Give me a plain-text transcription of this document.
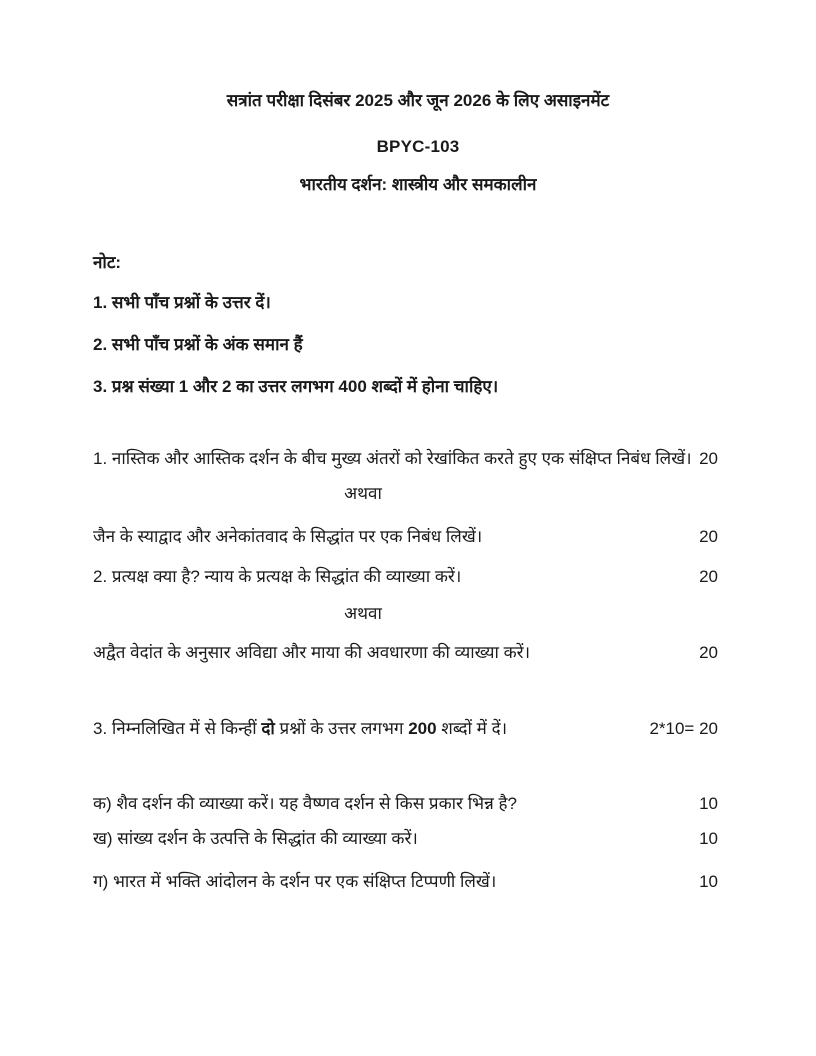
सत्रांत परीक्षा दिसंबर 2025 और जून 2026 के लिए असाइनमेंट

BPYC-103

भारतीय दर्शन: शास्त्रीय और समकालीन

नोट:

1. सभी पाँच प्रश्नों के उत्तर दें।

2. सभी पाँच प्रश्नों के अंक समान हैं

3. प्रश्न संख्या 1 और 2 का उत्तर लगभग 400 शब्दों में होना चाहिए।

1. नास्तिक और आस्तिक दर्शन के बीच मुख्य अंतरों को रेखांकित करते हुए एक संक्षिप्त निबंध लिखें। 20

अथवा

जैन के स्याद्वाद और अनेकांतवाद के सिद्धांत पर एक निबंध लिखें।	20

2. प्रत्यक्ष क्या है? न्याय के प्रत्यक्ष के सिद्धांत की व्याख्या करें।	20

अथवा

अद्वैत वेदांत के अनुसार अविद्या और माया की अवधारणा की व्याख्या करें।	20

3. निम्नलिखित में से किन्हीं दो प्रश्नों के उत्तर लगभग 200 शब्दों में दें।	2*10= 20

क) शैव दर्शन की व्याख्या करें। यह वैष्णव दर्शन से किस प्रकार भिन्न है?	10

ख) सांख्य दर्शन के उत्पत्ति के सिद्धांत की व्याख्या करें।	10

ग) भारत में भक्ति आंदोलन के दर्शन पर एक संक्षिप्त टिप्पणी लिखें।	10
